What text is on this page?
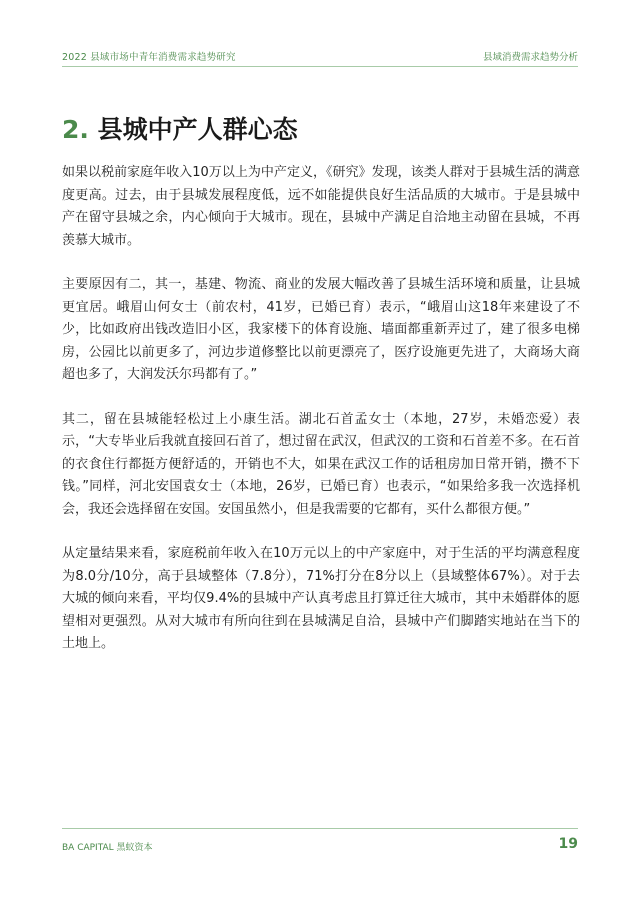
2022 县域市场中青年消费需求趋势研究	县域消费需求趋势分析
2. 县城中产人群心态

如果以税前家庭年收入10万以上为中产定义，《研究》发现，该类人群对于县城生活的满意度更高。过去，由于县城发展程度低，远不如能提供良好生活品质的大城市。于是县城中产在留守县城之余，内心倾向于大城市。现在，县城中产满足自洽地主动留在县城，不再羡慕大城市。

主要原因有二，其一，基建、物流、商业的发展大幅改善了县城生活环境和质量，让县城更宜居。峨眉山何女士（前农村，41岁，已婚已育）表示，“峨眉山这18年来建设了不少，比如政府出钱改造旧小区，我家楼下的体育设施、墙面都重新弄过了，建了很多电梯房，公园比以前更多了，河边步道修整比以前更漂亮了，医疗设施更先进了，大商场大商超也多了，大润发沃尔玛都有了。”

其二，留在县城能轻松过上小康生活。湖北石首孟女士（本地，27岁，未婚恋爱）表示，“大专毕业后我就直接回石首了，想过留在武汉，但武汉的工资和石首差不多。在石首的衣食住行都挺方便舒适的，开销也不大，如果在武汉工作的话租房加日常开销，攒不下钱。”同样，河北安国袁女士（本地，26岁，已婚已育）也表示，“如果给多我一次选择机会，我还会选择留在安国。安国虽然小，但是我需要的它都有，买什么都很方便。”

从定量结果来看，家庭税前年收入在10万元以上的中产家庭中，对于生活的平均满意程度为8.0分/10分，高于县域整体（7.8分），71%打分在8分以上（县域整体67%）。对于去大城的倾向来看，平均仅9.4%的县城中产认真考虑且打算迁往大城市，其中未婚群体的愿望相对更强烈。从对大城市有所向往到在县城满足自洽，县城中产们脚踏实地站在当下的土地上。

BA CAPITAL 黑蚁资本	19
